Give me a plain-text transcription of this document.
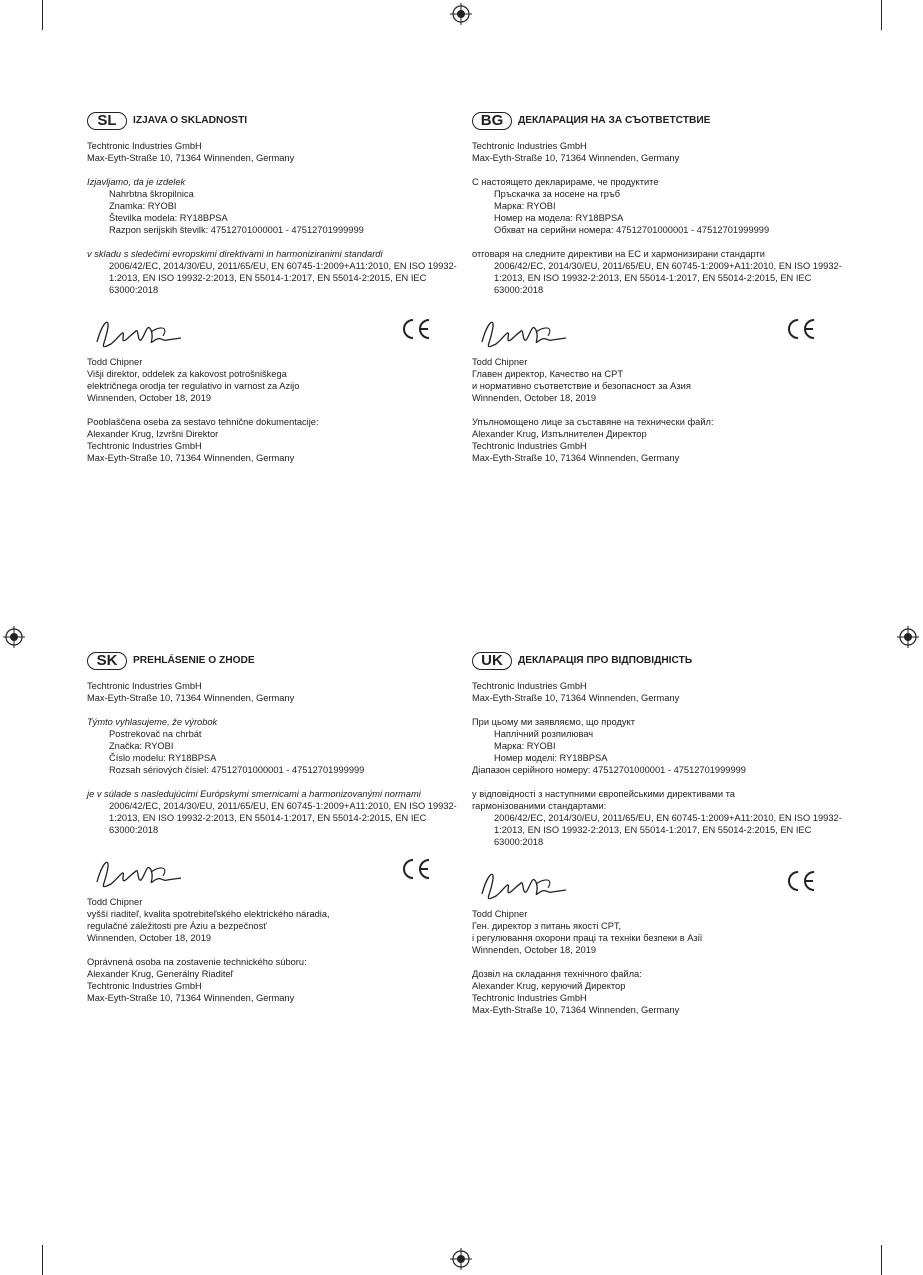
SL	IZJAVA O SKLADNOSTI

Techtronic Industries GmbH

Max-Eyth-Straße 10, 71364 Winnenden, Germany

Izjavljamo, da je izdelek

Nahrbtna škropilnica

Znamka: RYOBI

Številka modela: RY18BPSA

Razpon serijskih številk: 47512701000001 - 47512701999999

v skladu s sledečimi evropskimi direktivami in harmoniziranimi standardi

2006/42/EC, 2014/30/EU, 2011/65/EU, EN 60745-1:2009+A11:2010, EN ISO 19932-1:2013, EN ISO 19932-2:2013, EN 55014-1:2017, EN 55014-2:2015, EN IEC 63000:2018

Todd Chipner

Višji direktor, oddelek za kakovost potrošniškega

električnega orodja ter regulativo in varnost za Azijo

Winnenden, October 18, 2019

Pooblaščena oseba za sestavo tehnične dokumentacije:

Alexander Krug, Izvršni Direktor

Techtronic Industries GmbH

Max-Eyth-Straße 10, 71364 Winnenden, Germany

BG	ДЕКЛАРАЦИЯ НА ЗА СЪОТВЕТСТВИЕ

Techtronic Industries GmbH

Max-Eyth-Straße 10, 71364 Winnenden, Germany

С настоящето декларираме, че продуктите

Пръскачка за носене на гръб

Марка: RYOBI

Номер на модела: RY18BPSA

Обхват на серийни номера: 47512701000001 - 47512701999999

отговаря на следните директиви на ЕС и хармонизирани стандарти

2006/42/EC, 2014/30/EU, 2011/65/EU, EN 60745-1:2009+A11:2010, EN ISO 19932-1:2013, EN ISO 19932-2:2013, EN 55014-1:2017, EN 55014-2:2015, EN IEC 63000:2018

Todd Chipner

Главен директор, Качество на CPT

и нормативно съответствие и безопасност за Азия

Winnenden, October 18, 2019

Упълномощено лице за съставяне на технически файл:

Alexander Krug, Изпълнителен Директор

Techtronic Industries GmbH

Max-Eyth-Straße 10, 71364 Winnenden, Germany

SK	PREHLÁSENIE O ZHODE

Techtronic Industries GmbH

Max-Eyth-Straße 10, 71364 Winnenden, Germany

Týmto vyhlasujeme, že výrobok

Postrekovač na chrbát

Značka: RYOBI

Číslo modelu: RY18BPSA

Rozsah sériových čísiel: 47512701000001 - 47512701999999

je v súlade s nasledujúcimi Európskymi smernicami a harmonizovanými normami

2006/42/EC, 2014/30/EU, 2011/65/EU, EN 60745-1:2009+A11:2010, EN ISO 19932-1:2013, EN ISO 19932-2:2013, EN 55014-1:2017, EN 55014-2:2015, EN IEC 63000:2018

Todd Chipner

vyšší riaditeľ, kvalita spotrebiteľského elektrického náradia,

regulačné záležitosti pre Áziu a bezpečnosť

Winnenden, October 18, 2019

Oprávnená osoba na zostavenie technického súboru:

Alexander Krug, Generálny Riaditeľ

Techtronic Industries GmbH

Max-Eyth-Straße 10, 71364 Winnenden, Germany

UK	ДЕКЛАРАЦІЯ ПРО ВІДПОВІДНІСТЬ

Techtronic Industries GmbH

Max-Eyth-Straße 10, 71364 Winnenden, Germany

При цьому ми заявляємо, що продукт

Наплічний розпилювач

Марка: RYOBI

Номер моделі: RY18BPSA

Діапазон серійного номеру: 47512701000001 - 47512701999999

у відповідності з наступними європейськими директивами та гармонізованими стандартами:

2006/42/EC, 2014/30/EU, 2011/65/EU, EN 60745-1:2009+A11:2010, EN ISO 19932-1:2013, EN ISO 19932-2:2013, EN 55014-1:2017, EN 55014-2:2015, EN IEC 63000:2018

Todd Chipner

Ген. директор з питань якості CPT,

і регулювання охорони праці та техніки безпеки в Азії

Winnenden, October 18, 2019

Дозвіл на складання технічного файла:

Alexander Krug, керуючий Директор

Techtronic Industries GmbH

Max-Eyth-Straße 10, 71364 Winnenden, Germany
